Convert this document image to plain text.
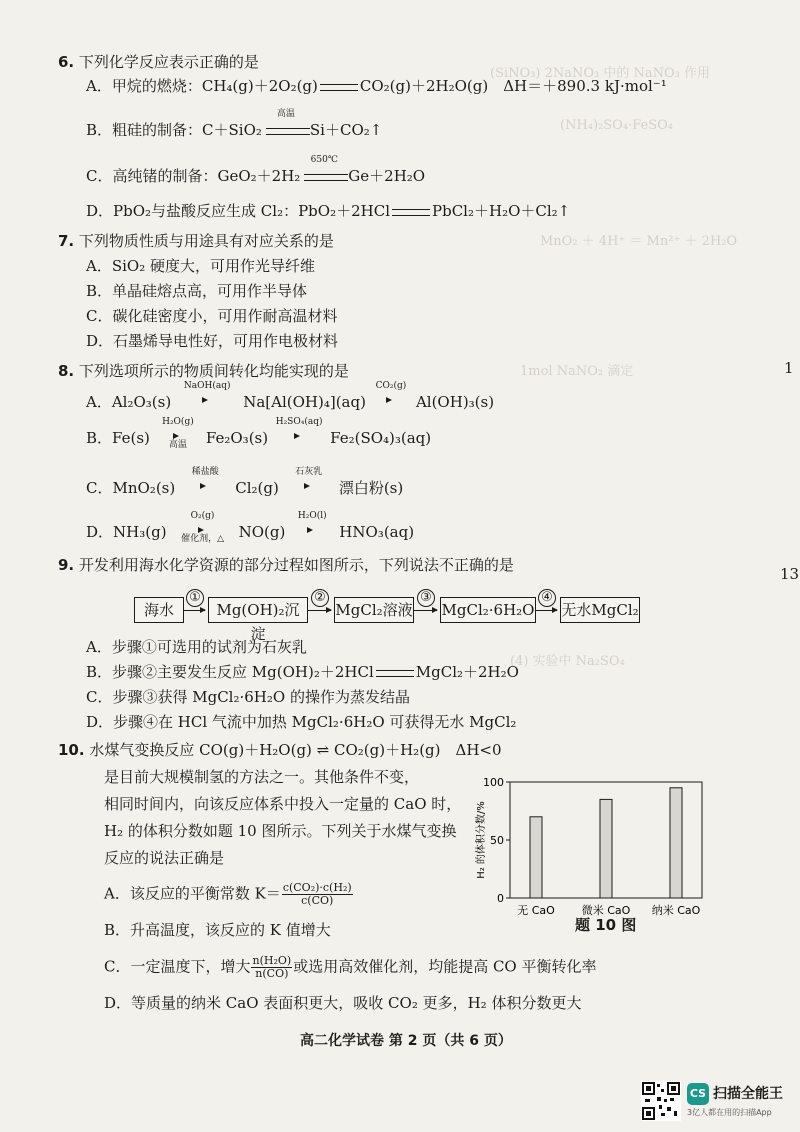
(SiNO₃) 2NaNO₃ 中的 NaNO₃ 作用
(NH₄)₂SO₄·FeSO₄
MnO₂ ＋ 4H⁺ ＝ Mn²⁺ ＋ 2H₂O
1mol NaNO₂ 滴定
(4) 实验中 Na₂SO₄
6. 下列化学反应表示正确的是
A．甲烷的燃烧：CH₄(g)＋2O₂(g)	CO₂(g)＋2H₂O(g)　ΔH＝＋890.3 kJ·mol⁻¹
B．粗硅的制备：C＋SiO₂
高温
Si＋CO₂↑
C．高纯锗的制备：GeO₂＋2H₂
650℃
Ge＋2H₂O
D．PbO₂与盐酸反应生成 Cl₂：PbO₂＋2HCl	PbCl₂＋H₂O＋Cl₂↑
7. 下列物质性质与用途具有对应关系的是
A．SiO₂ 硬度大，可用作光导纤维
B．单晶硅熔点高，可用作半导体
C．碳化硅密度小，可用作耐高温材料
D．石墨烯导电性好，可用作电极材料
8. 下列选项所示的物质间转化均能实现的是
A．Al₂O₃(s)
NaOH(aq)
Na[Al(OH)₄](aq)
CO₂(g)
Al(OH)₃(s)
B．Fe(s)
H₂O(g)
高温	Fe₂O₃(s)
H₂SO₄(aq)
Fe₂(SO₄)₃(aq)
C．MnO₂(s)
稀盐酸
Cl₂(g)
石灰乳
漂白粉(s)
D．NH₃(g)
O₂(g)
催化剂，△ NO(g)
H₂O(l)
HNO₃(aq)
9. 开发利用海水化学资源的部分过程如图所示，下列说法不正确的是
海水
①
Mg(OH)₂沉淀
②
MgCl₂溶液
③
MgCl₂·6H₂O
④
无水MgCl₂
A．步骤①可选用的试剂为石灰乳
B．步骤②主要发生反应 Mg(OH)₂＋2HCl	MgCl₂＋2H₂O
C．步骤③获得 MgCl₂·6H₂O 的操作为蒸发结晶
D．步骤④在 HCl 气流中加热 MgCl₂·6H₂O 可获得无水 MgCl₂
10. 水煤气变换反应 CO(g)＋H₂O(g) ⇌ CO₂(g)＋H₂(g)　ΔH<0
是目前大规模制氢的方法之一。其他条件不变，
相同时间内，向该反应体系中投入一定量的 CaO 时，
H₂ 的体积分数如题 10 图所示。下列关于水煤气变换
反应的说法正确是
A．该反应的平衡常数 $K= \frac{\text{c(CO₂)·c(H₂)}}{c(CO)}$
B．升高温度，该反应的 K 值增大
C．一定温度下，增大 $\frac{\text{n(H₂O)}}{n(CO)}$ 或选用高效催化剂，均能提高 CO 平衡转化率
D．等质量的纳米 CaO 表面积更大，吸收 CO₂ 更多，H₂ 体积分数更大
0
50
100
H₂ 的体积分数/%
无 CaO 微米 CaO 纳米 CaO
题 10 图
高二化学试卷 第 2 页（共 6 页）
CS 扫描全能王
3亿人都在用的扫描App
1
13
